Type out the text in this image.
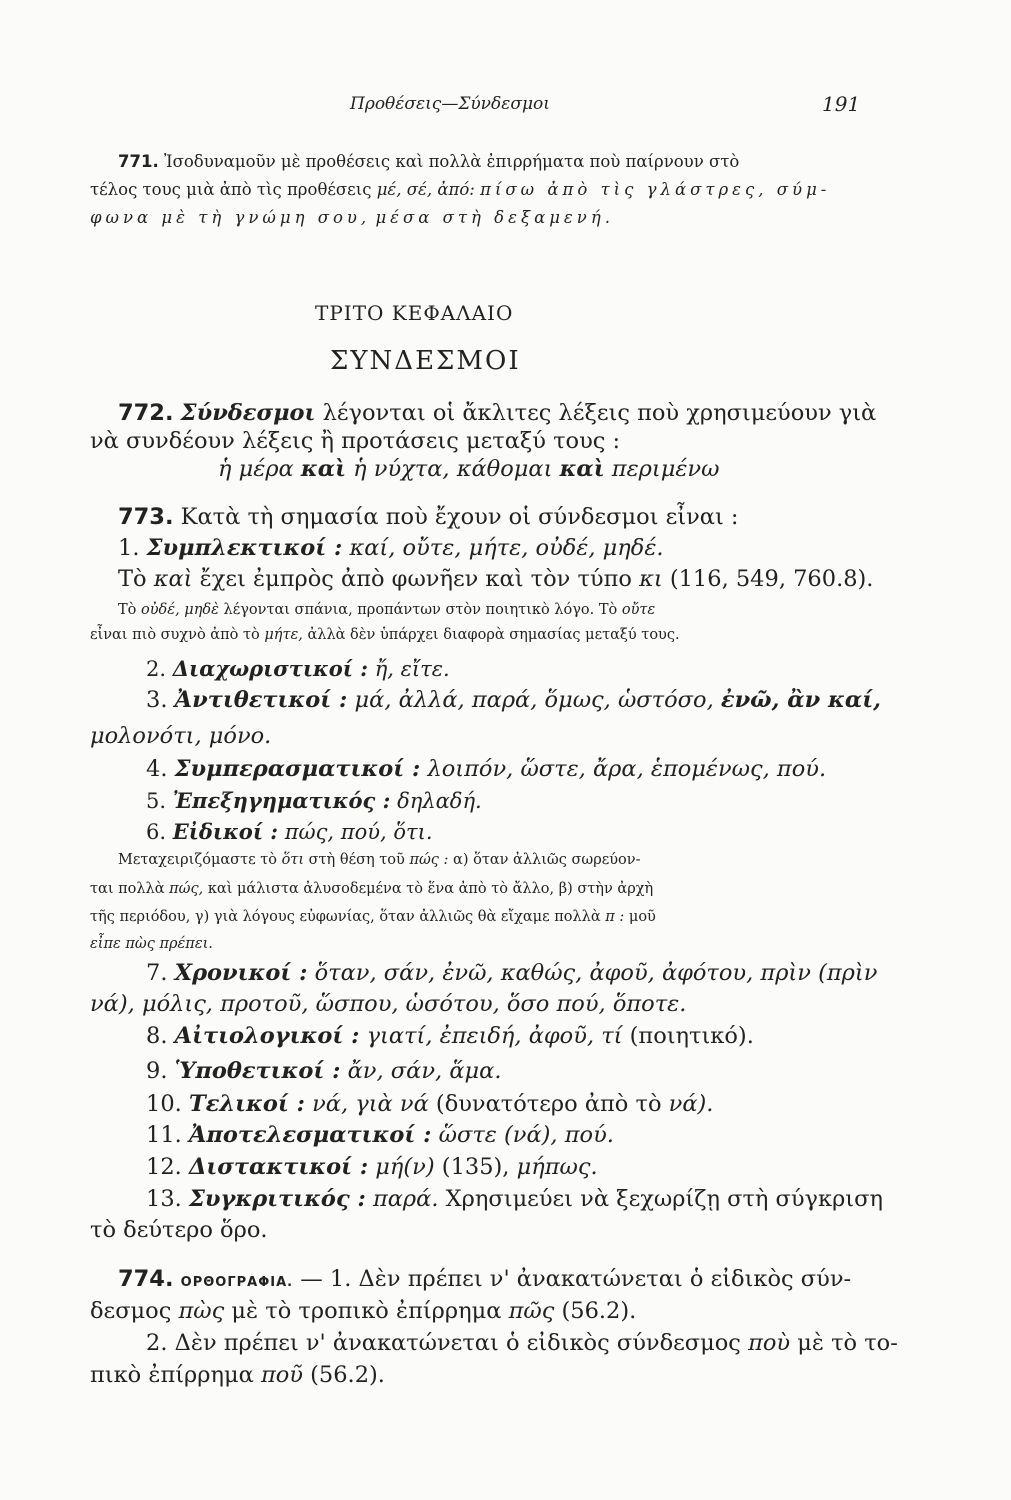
Προθέσεις—Σύνδεσμοι	191
771. Ἰσοδυναμοῦν μὲ προθέσεις καὶ πολλὰ ἐπιρρήματα ποὺ παίρνουν στὸ
τέλος τους μιὰ ἀπὸ τὶς προθέσεις μέ, σέ, ἀπό: πίσω ἀπὸ τὶς γλάστρες, σύμ-
φωνα μὲ τὴ γνώμη σου, μέσα στὴ δεξαμενή.
ΤΡΙΤΟ ΚΕΦΑΛΑΙΟ
ΣΥΝΔΕΣΜΟΙ
772. Σύνδεσμοι λέγονται οἱ ἄκλιτες λέξεις ποὺ χρησιμεύουν γιὰ
νὰ συνδέουν λέξεις ἢ προτάσεις μεταξύ τους :
ἡ μέρα καὶ ἡ νύχτα, κάθομαι καὶ περιμένω
773. Κατὰ τὴ σημασία ποὺ ἔχουν οἱ σύνδεσμοι εἶναι :
1. Συμπλεκτικοί : καί, οὔτε, μήτε, οὐδέ, μηδέ.
Τὸ καὶ ἔχει ἐμπρὸς ἀπὸ φωνῆεν καὶ τὸν τύπο κι (116, 549, 760.8).
Τὸ οὐδέ, μηδὲ λέγονται σπάνια, προπάντων στὸν ποιητικὸ λόγο. Τὸ οὔτε
εἶναι πιὸ συχνὸ ἀπὸ τὸ μήτε, ἀλλὰ δὲν ὑπάρχει διαφορὰ σημασίας μεταξύ τους.
2. Διαχωριστικοί : ἤ, εἴτε.
3. Ἀντιθετικοί : μά, ἀλλά, παρά, ὅμως, ὡστόσο, ἐνῶ, ἂν καί,
μολονότι, μόνο.
4. Συμπερασματικοί : λοιπόν, ὥστε, ἄρα, ἑπομένως, πού.
5. Ἐπεξηγηματικός : δηλαδή.
6. Εἰδικοί : πώς, πού, ὅτι.
Μεταχειριζόμαστε τὸ ὅτι στὴ θέση τοῦ πώς : α) ὅταν ἀλλιῶς σωρεύον-
ται πολλὰ πώς, καὶ μάλιστα ἀλυσοδεμένα τὸ ἕνα ἀπὸ τὸ ἄλλο, β) στὴν ἀρχὴ
τῆς περιόδου, γ) γιὰ λόγους εὐφωνίας, ὅταν ἀλλιῶς θὰ εἴχαμε πολλὰ π : μοῦ
εἶπε πὼς πρέπει.
7. Χρονικοί : ὅταν, σάν, ἐνῶ, καθώς, ἀφοῦ, ἀφότου, πρὶν (πρὶν
νά), μόλις, προτοῦ, ὥσπου, ὡσότου, ὅσο πού, ὅποτε.
8. Αἰτιολογικοί : γιατί, ἐπειδή, ἀφοῦ, τί (ποιητικό).
9. Ὑποθετικοί : ἄν, σάν, ἅμα.
10. Τελικοί : νά, γιὰ νά (δυνατότερο ἀπὸ τὸ νά).
11. Ἀποτελεσματικοί : ὥστε (νά), πού.
12. Διστακτικοί : μή(ν) (135), μήπως.
13. Συγκριτικός : παρά. Χρησιμεύει νὰ ξεχωρίζῃ στὴ σύγκριση
τὸ δεύτερο ὅρο.
774. ΟΡΘΟΓΡΑΦΙΑ. — 1. Δὲν πρέπει ν' ἀνακατώνεται ὁ εἰδικὸς σύν-
δεσμος πὼς μὲ τὸ τροπικὸ ἐπίρρημα πῶς (56.2).
2. Δὲν πρέπει ν' ἀνακατώνεται ὁ εἰδικὸς σύνδεσμος ποὺ μὲ τὸ το-
πικὸ ἐπίρρημα ποῦ (56.2).
